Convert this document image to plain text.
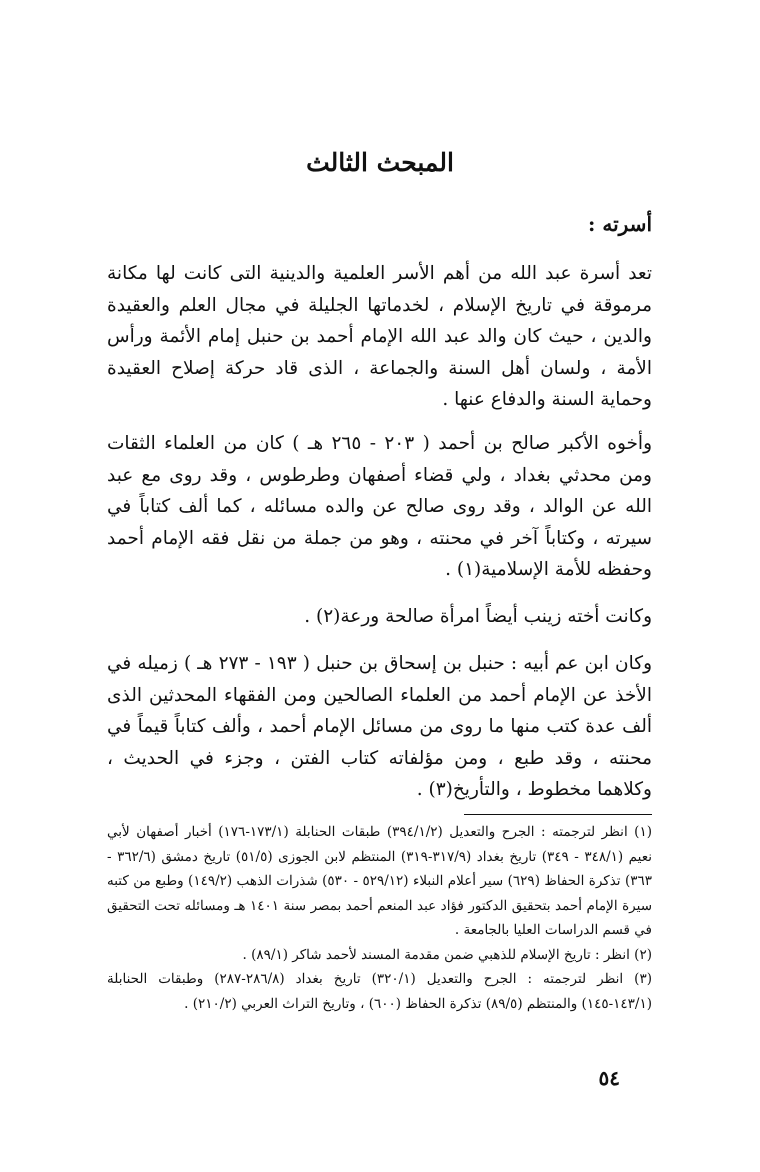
المبحث الثالث
أسرته :

تعد أسرة عبد الله من أهم الأسر العلمية والدينية التى كانت لها مكانة مرموقة في تاريخ الإسلام ، لخدماتها الجليلة في مجال العلم والعقيدة والدين ، حيث كان والد عبد الله الإمام أحمد بن حنبل إمام الأئمة ورأس الأمة ، ولسان أهل السنة والجماعة ، الذى قاد حركة إصلاح العقيدة وحماية السنة والدفاع عنها .

وأخوه الأكبر صالح بن أحمد ( ٢٠٣ - ٢٦٥ هـ ) كان من العلماء الثقات ومن محدثي بغداد ، ولي قضاء أصفهان وطرطوس ، وقد روى مع عبد الله عن الوالد ، وقد روى صالح عن والده مسائله ، كما ألف كتاباً في سيرته ، وكتاباً آخر في محنته ، وهو من جملة من نقل فقه الإمام أحمد وحفظه للأمة الإسلامية(١) .

وكانت أخته زينب أيضاً امرأة صالحة ورعة(٢) .

وكان ابن عم أبيه : حنبل بن إسحاق بن حنبل ( ١٩٣ - ٢٧٣ هـ ) زميله في الأخذ عن الإمام أحمد من العلماء الصالحين ومن الفقهاء المحدثين الذى ألف عدة كتب منها ما روى من مسائل الإمام أحمد ، وألف كتاباً قيماً في محنته ، وقد طبع ، ومن مؤلفاته كتاب الفتن ، وجزء في الحديث ، وكلاهما مخطوط ، والتأريخ(٣) .

(١) انظر لترجمته : الجرح والتعديل (٣٩٤/١/٢) طبقات الحنابلة (١٧٣/١-١٧٦) أخبار أصفهان لأبي نعيم (٣٤٨/١ - ٣٤٩) تاريخ بغداد (٣١٧/٩-٣١٩) المنتظم لابن الجوزى (٥١/٥) تاريخ دمشق (٣٦٢/٦ - ٣٦٣) تذكرة الحفاظ (٦٢٩) سير أعلام النبلاء (٥٢٩/١٢ - ٥٣٠) شذرات الذهب (١٤٩/٢) وطبع من كتبه سيرة الإمام أحمد بتحقيق الدكتور فؤاد عبد المنعم أحمد بمصر سنة ١٤٠١ هـ ومسائله تحت التحقيق في قسم الدراسات العليا بالجامعة .

(٢) انظر : تاريخ الإسلام للذهبي ضمن مقدمة المسند لأحمد شاكر (٨٩/١) .

(٣) انظر لترجمته : الجرح والتعديل (٣٢٠/١) تاريخ بغداد (٢٨٦/٨-٢٨٧) وطبقات الحنابلة (١٤٣/١-١٤٥) والمنتظم (٨٩/٥) تذكرة الحفاظ (٦٠٠) ، وتاريخ التراث العربي (٢١٠/٢) .

٥٤
